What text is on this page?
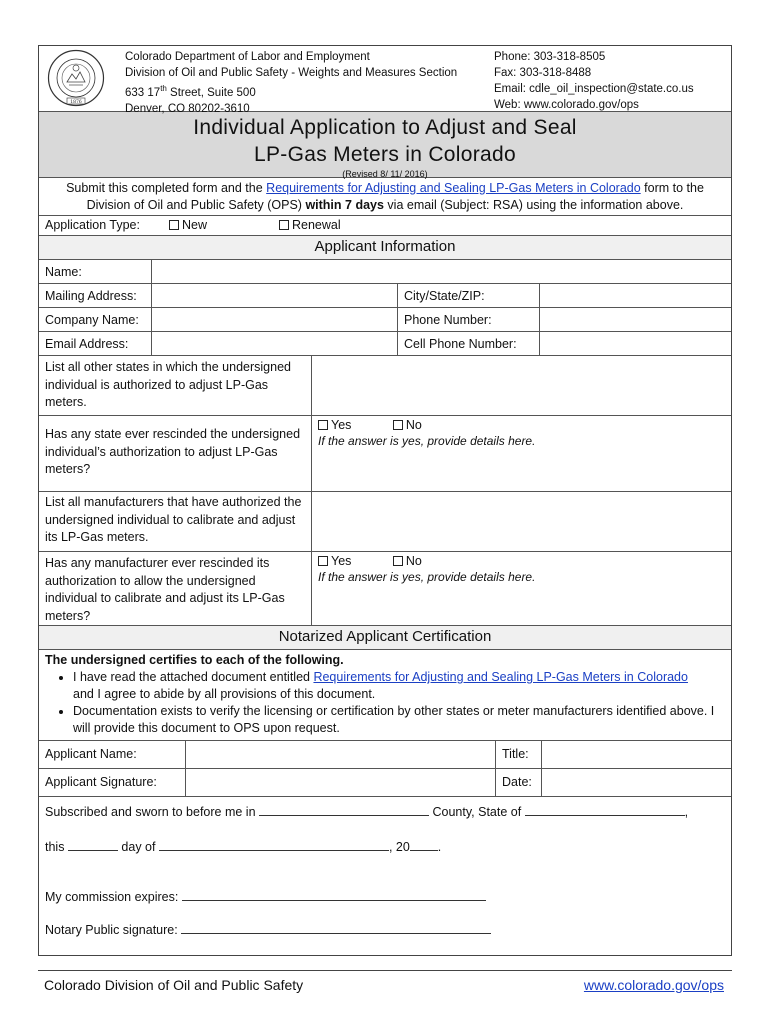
1876
Colorado Department of Labor and Employment
Division of Oil and Public Safety - Weights and Measures Section
633 17th Street, Suite 500
Denver, CO 80202-3610
Phone: 303-318-8505
Fax: 303-318-8488
Email: cdle_oil_inspection@state.co.us
Web: www.colorado.gov/ops
Individual Application to Adjust and Seal
LP-Gas Meters in Colorado
(Revised 8/ 11/ 2016)
Submit this completed form and the Requirements for Adjusting and Sealing LP-Gas Meters in Colorado form to the
Division of Oil and Public Safety (OPS) within 7 days via email (Subject: RSA) using the information above.
Application Type:	New	Renewal
Applicant Information
Name:
Mailing Address:	City/State/ZIP:
Company Name:	Phone Number:
Email Address:	Cell Phone Number:
List all other states in which the undersigned individual is authorized to adjust LP-Gas meters.
Has any state ever rescinded the undersigned individual’s authorization to adjust LP-Gas meters?
Yes	No
If the answer is yes, provide details here.
List all manufacturers that have authorized the undersigned individual to calibrate and adjust its LP-Gas meters.
Has any manufacturer ever rescinded its authorization to allow the undersigned individual to calibrate and adjust its LP-Gas meters?
Yes	No
If the answer is yes, provide details here.
Notarized Applicant Certification
The undersigned certifies to each of the following.
• I have read the attached document entitled Requirements for Adjusting and Sealing LP-Gas Meters in Colorado
and I agree to abide by all provisions of this document.
• Documentation exists to verify the licensing or certification by other states or meter manufacturers identified above. I will provide this document to OPS upon request.
Applicant Name:	Title:
Applicant Signature:	Date:
Subscribed and sworn to before me in	County, State of	,
this	day of	, 20 .
My commission expires:
Notary Public signature:
Colorado Division of Oil and Public Safety	www.colorado.gov/ops
